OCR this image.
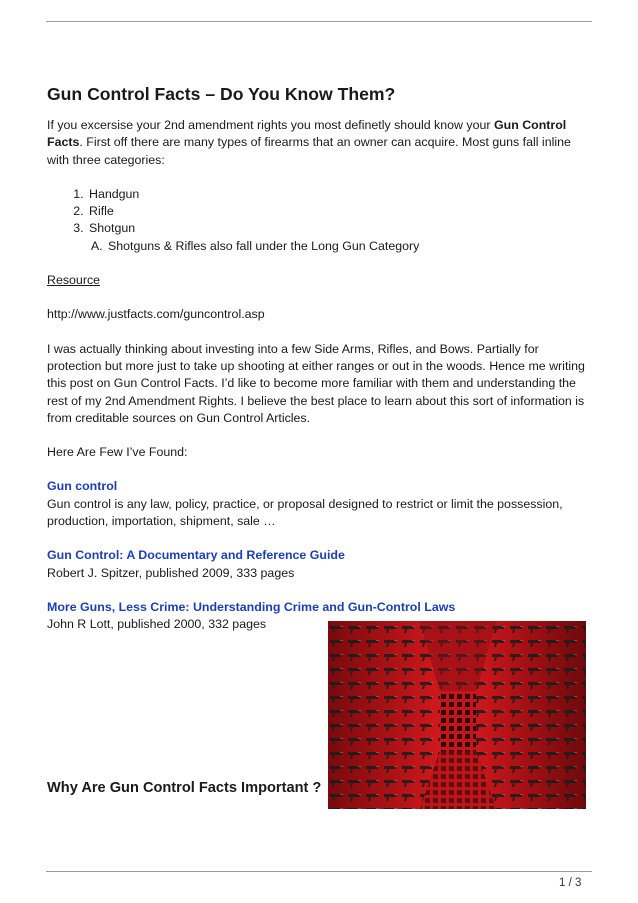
Gun Control Facts – Do You Know Them?

If you excersise your 2nd amendment rights you most definetly should know your Gun Control Facts. First off there are many types of firearms that an owner can acquire. Most guns fall inline with three categories:

1. Handgun
2. Rifle
3. Shotgun
A. Shotguns & Rifles also fall under the Long Gun Category

Resource

http://www.justfacts.com/guncontrol.asp

I was actually thinking about investing into a few Side Arms, Rifles, and Bows. Partially for protection but more just to take up shooting at either ranges or out in the woods. Hence me writing this post on Gun Control Facts. I’d like to become more familiar with them and understanding the rest of my 2nd Amendment Rights. I believe the best place to learn about this sort of information is from creditable sources on Gun Control Articles.

Here Are Few I’ve Found:

Gun control

Gun control is any law, policy, practice, or proposal designed to restrict or limit the possession, production, importation, shipment, sale …

Gun Control: A Documentary and Reference Guide

Robert J. Spitzer, published 2009, 333 pages

More Guns, Less Crime: Understanding Crime and Gun-Control Laws

John R Lott, published 2000, 332 pages

Why Are Gun Control Facts Important ?
1 / 3
